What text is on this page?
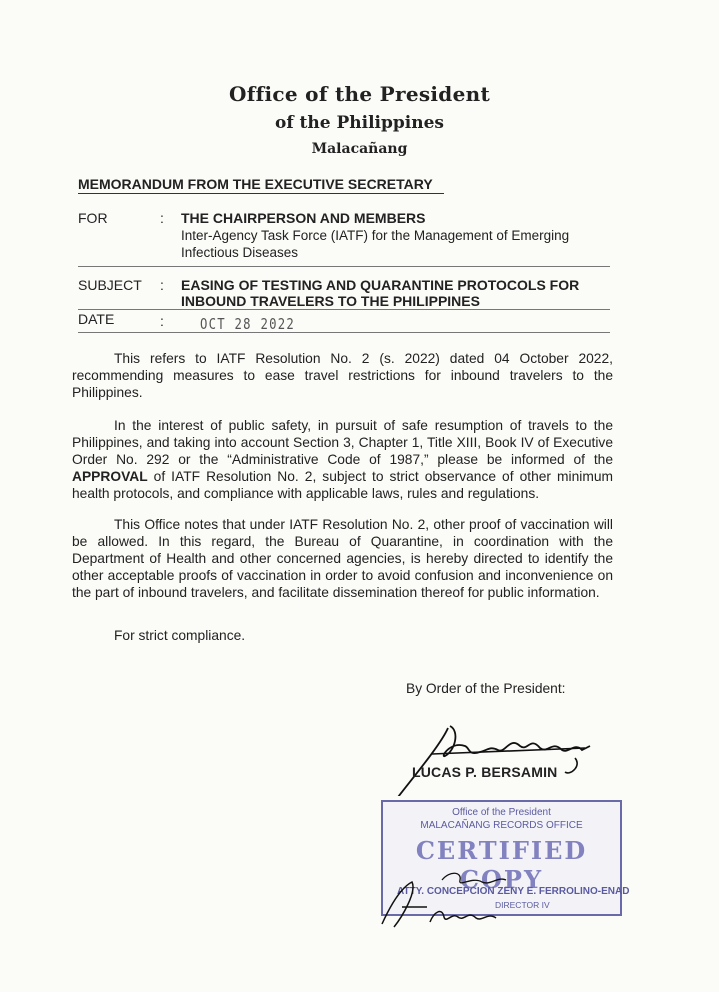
Office of the President
of the Philippines
Malacañang
MEMORANDUM FROM THE EXECUTIVE SECRETARY
FOR	: THE CHAIRPERSON AND MEMBERS
Inter-Agency Task Force (IATF) for the Management of Emerging
Infectious Diseases
SUBJECT : EASING OF TESTING AND QUARANTINE PROTOCOLS FOR
INBOUND TRAVELERS TO THE PHILIPPINES
DATE	: OCT 28 2022

This refers to IATF Resolution No. 2 (s. 2022) dated 04 October 2022, recommending measures to ease travel restrictions for inbound travelers to the Philippines.

In the interest of public safety, in pursuit of safe resumption of travels to the Philippines, and taking into account Section 3, Chapter 1, Title XIII, Book IV of Executive Order No. 292 or the “Administrative Code of 1987,” please be informed of the APPROVAL of IATF Resolution No. 2, subject to strict observance of other minimum health protocols, and compliance with applicable laws, rules and regulations.

This Office notes that under IATF Resolution No. 2, other proof of vaccination will be allowed. In this regard, the Bureau of Quarantine, in coordination with the Department of Health and other concerned agencies, is hereby directed to identify the other acceptable proofs of vaccination in order to avoid confusion and inconvenience on the part of inbound travelers, and facilitate dissemination thereof for public information.

For strict compliance.
By Order of the President:
LUCAS P. BERSAMIN
Office of the President
MALACAÑANG RECORDS OFFICE
CERTIFIED COPY
ATTY. CONCEPCION ZENY E. FERROLINO-ENAD
DIRECTOR IV
